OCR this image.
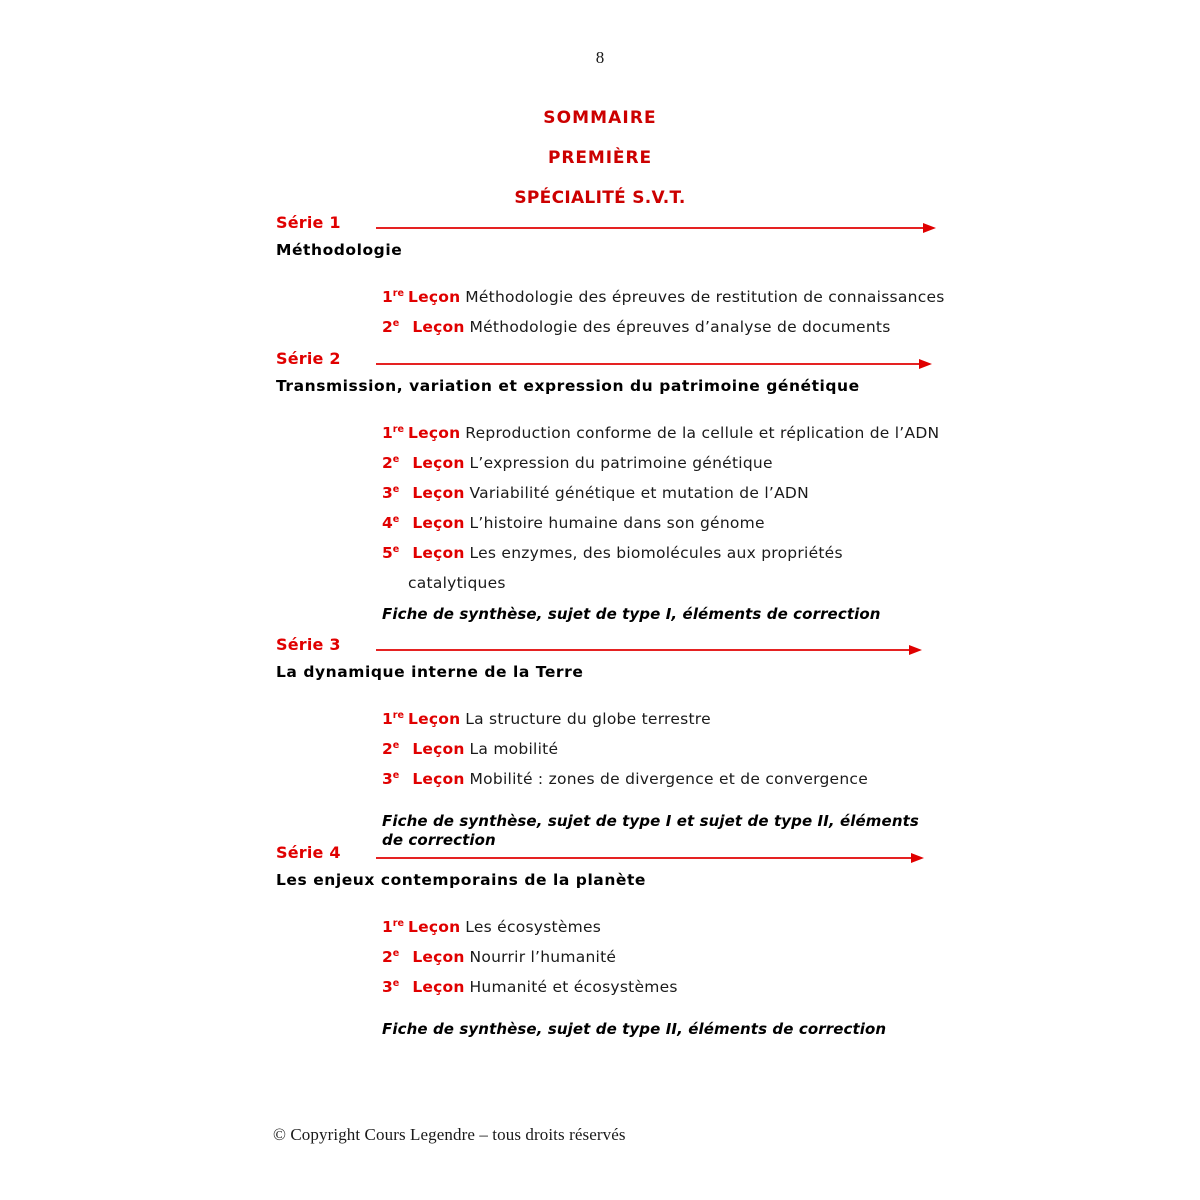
8
SOMMAIRE
PREMIÈRE
SPÉCIALITÉ S.V.T.
Série 1
Méthodologie
1re Leçon Méthodologie des épreuves de restitution de connaissances
2e Leçon Méthodologie des épreuves d’analyse de documents
Série 2
Transmission, variation et expression du patrimoine génétique
1re Leçon Reproduction conforme de la cellule et réplication de l’ADN
2e Leçon L’expression du patrimoine génétique
3e Leçon Variabilité génétique et mutation de l’ADN
4e Leçon L’histoire humaine dans son génome
5e Leçon Les enzymes, des biomolécules aux propriétés
catalytiques
Fiche de synthèse, sujet de type I, éléments de correction
Série 3
La dynamique interne de la Terre
1re Leçon La structure du globe terrestre
2e Leçon La mobilité
3e Leçon Mobilité : zones de divergence et de convergence
Fiche de synthèse, sujet de type I et sujet de type II, éléments de correction
Série 4
Les enjeux contemporains de la planète
1re Leçon Les écosystèmes
2e Leçon Nourrir l’humanité
3e Leçon Humanité et écosystèmes
Fiche de synthèse, sujet de type II, éléments de correction
© Copyright Cours Legendre – tous droits réservés
